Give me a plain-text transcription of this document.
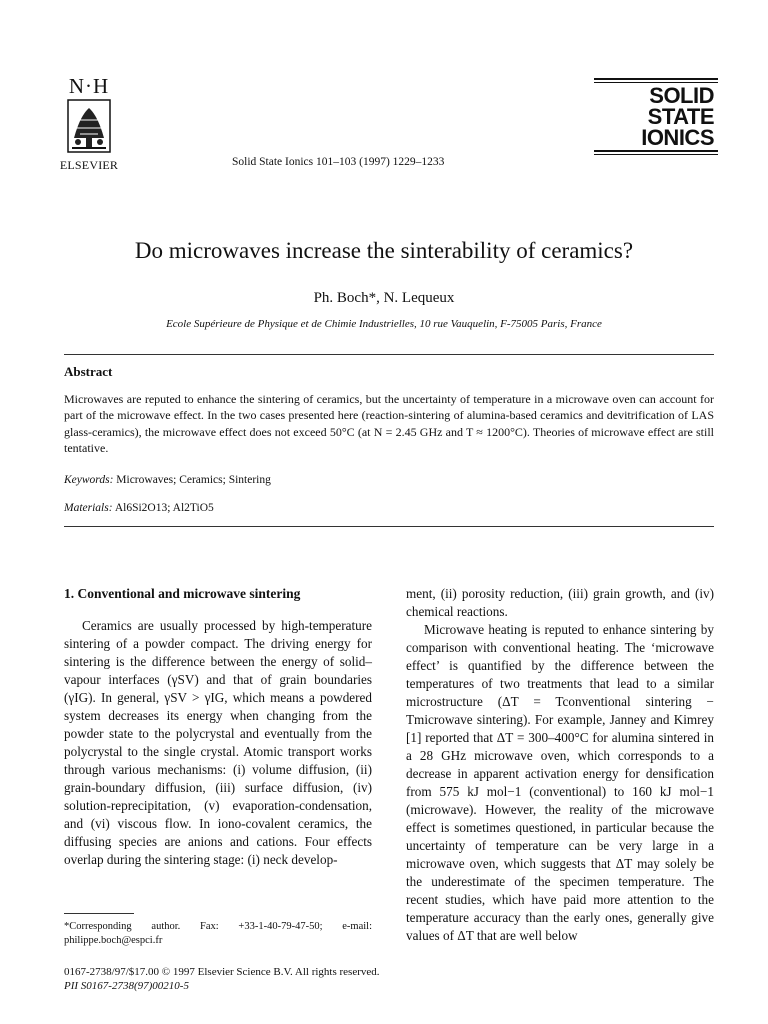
N·H
ELSEVIER	Solid State Ionics 101–103 (1997) 1229–1233
SOLID
STATE
IONICS
Do microwaves increase the sinterability of ceramics?
Ph. Boch*, N. Lequeux
Ecole Supérieure de Physique et de Chimie Industrielles, 10 rue Vauquelin, F-75005 Paris, France
Abstract
Microwaves are reputed to enhance the sintering of ceramics, but the uncertainty of temperature in a microwave oven can account for part of the microwave effect. In the two cases presented here (reaction-sintering of alumina-based ceramics and devitrification of LAS glass-ceramics), the microwave effect does not exceed 50°C (at N = 2.45 GHz and T ≈ 1200°C). Theories of microwave effect are still tentative.
Keywords: Microwaves; Ceramics; Sintering
Materials: Al6Si2O13; Al2TiO5
1. Conventional and microwave sintering

Ceramics are usually processed by high-temperature sintering of a powder compact. The driving energy for sintering is the difference between the energy of solid–vapour interfaces (γSV) and that of grain boundaries (γIG). In general, γSV > γIG, which means a powdered system decreases its energy when changing from the powder state to the polycrystal and eventually from the polycrystal to the single crystal. Atomic transport works through various mechanisms: (i) volume diffusion, (ii) grain-boundary diffusion, (iii) surface diffusion, (iv) solution-reprecipitation, (v) evaporation-condensation, and (vi) viscous flow. In iono-covalent ceramics, the diffusing species are anions and cations. Four effects overlap during the sintering stage: (i) neck develop-

ment, (ii) porosity reduction, (iii) grain growth, and (iv) chemical reactions.

Microwave heating is reputed to enhance sintering by comparison with conventional heating. The ‘microwave effect’ is quantified by the difference between the temperatures of two treatments that lead to a similar microstructure (ΔT = Tconventional sintering − Tmicrowave sintering). For example, Janney and Kimrey [1] reported that ΔT = 300–400°C for alumina sintered in a 28 GHz microwave oven, which corresponds to a decrease in apparent activation energy for densification from 575 kJ mol−1 (conventional) to 160 kJ mol−1 (microwave). However, the reality of the microwave effect is sometimes questioned, in particular because the uncertainty of temperature can be very large in a microwave oven, which suggests that ΔT may solely be the underestimate of the specimen temperature. The recent studies, which have paid more attention to the temperature accuracy than the early ones, generally give values of ΔT that are well below

*Corresponding author. Fax: +33-1-40-79-47-50; e-mail: philippe.boch@espci.fr
0167-2738/97/$17.00 © 1997 Elsevier Science B.V. All rights reserved.
PII S0167-2738(97)00210-5
